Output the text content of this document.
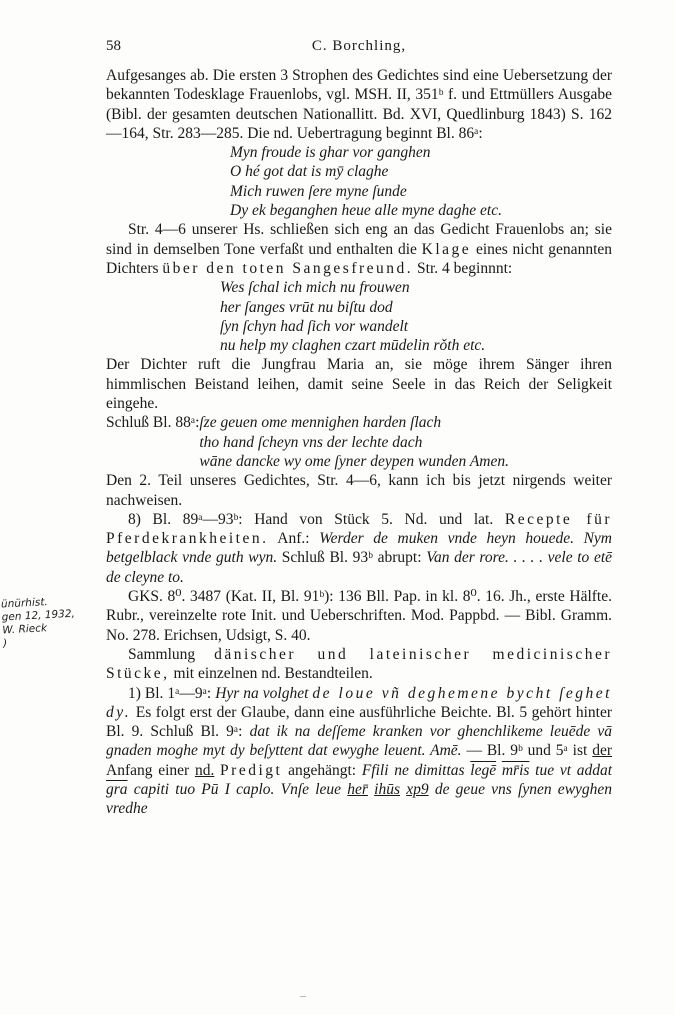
58	C. Borchling,
ünürhist.
gen 12, 1932,
W. Rieck
)

Aufgesanges ab. Die ersten 3 Strophen des Gedichtes sind eine Uebersetzung der bekannten Todesklage Frauenlobs, vgl. MSH. II, 351ᵇ f. und Ettmüllers Ausgabe (Bibl. der gesamten deutschen Nationallitt. Bd. XVI, Quedlinburg 1843) S. 162—164, Str. 283—285. Die nd. Uebertragung beginnt Bl. 86ᵃ:

Myn froude is ghar vor ganghen
O hé got dat is mȳ claghe
Mich ruwen ſere myne ſunde
Dy ek beganghen heue alle myne daghe etc.

Str. 4—6 unserer Hs. schließen sich eng an das Gedicht Frauenlobs an; sie sind in demselben Tone verfaßt und enthalten die Klage eines nicht genannten Dichters über den toten Sangesfreund. Str. 4 beginnnt:

Wes ſchal ich mich nu frouwen
her ſanges vrūt nu biſtu dod
ſyn ſchyn had ſich vor wandelt
nu help my claghen czart mūdelin rǒth etc.

Der Dichter ruft die Jungfrau Maria an, sie möge ihrem Sänger ihren himmlischen Beistand leihen, damit seine Seele in das Reich der Seligkeit eingehe.

Schluß Bl. 88ᵃ: ſze geuen ome mennighen harden ſlach
tho hand ſcheyn vns der lechte dach
wāne dancke wy ome ſyner deypen wunden Amen.

Den 2. Teil unseres Gedichtes, Str. 4—6, kann ich bis jetzt nirgends weiter nachweisen.

8) Bl. 89ᵃ—93ᵇ: Hand von Stück 5. Nd. und lat. Recepte für Pferdekrankheiten. Anf.: Werder de muken vnde heyn houede. Nym betgelblack vnde guth wyn. Schluß Bl. 93ᵇ abrupt: Van der rore. . . . . vele to etē de cleyne to.

GKS. 8⁰. 3487 (Kat. II, Bl. 91ᵇ): 136 Bll. Pap. in kl. 8⁰. 16. Jh., erste Hälfte. Rubr., vereinzelte rote Init. und Ueberschriften. Mod. Pappbd. — Bibl. Gramm. No. 278. Erichsen, Udsigt, S. 40.

Sammlung dänischer und lateinischer medicinischer Stücke, mit einzelnen nd. Bestandteilen.

1) Bl. 1ᵃ—9ᵃ: Hyr na volghet de loue vñ deghemene bycht ſeghet dy. Es folgt erst der Glaube, dann eine ausführliche Beichte. Bl. 5 gehört hinter Bl. 9. Schluß Bl. 9ᵃ: dat ik na deſſeme kranken vor ghenchlikeme leuēde vā gnaden moghe myt dy beſyttent dat ewyghe leuent. Amē. — Bl. 9ᵇ und 5ᵃ ist der Anfang einer nd. Predigt angehängt: Ffili ne dimittas legē mr̄is tue vt addat $\overline{gra}$ capiti tuo Pū I caplo. Vnſe leue her̄ ihūs xp9 de geue vns ſynen ewyghen vredhe
